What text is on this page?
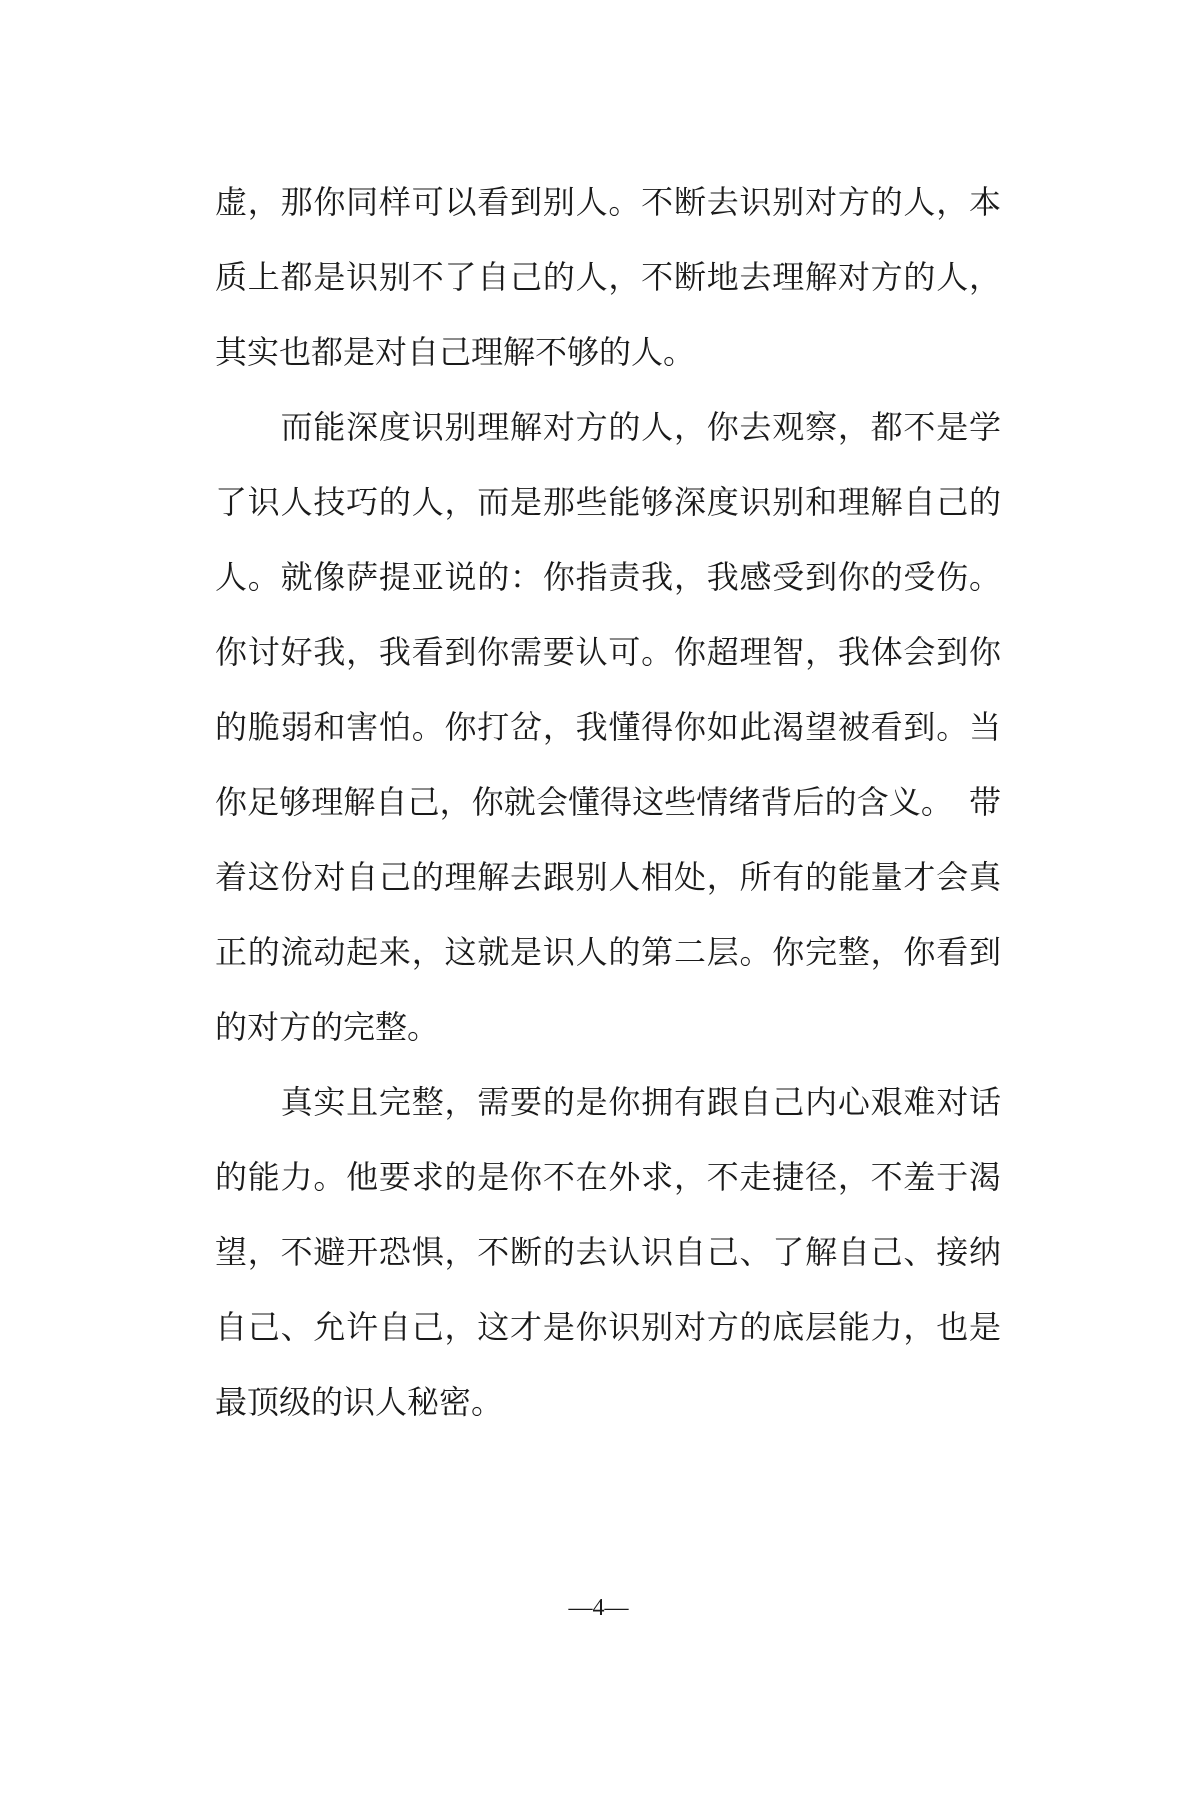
虚，那你同样可以看到别人。不断去识别对方的人，本
质上都是识别不了自己的人，不断地去理解对方的人，
其实也都是对自己理解不够的人。
　　而能深度识别理解对方的人，你去观察，都不是学
了识人技巧的人，而是那些能够深度识别和理解自己的
人。就像萨提亚说的：你指责我，我感受到你的受伤。
你讨好我，我看到你需要认可。你超理智，我体会到你
的脆弱和害怕。你打岔，我懂得你如此渴望被看到。当
你足够理解自己，你就会懂得这些情绪背后的含义。　带
着这份对自己的理解去跟别人相处，所有的能量才会真
正的流动起来，这就是识人的第二层。你完整，你看到
的对方的完整。
　　真实且完整，需要的是你拥有跟自己内心艰难对话
的能力。他要求的是你不在外求，不走捷径，不羞于渴
望，不避开恐惧，不断的去认识自己、了解自己、接纳
自己、允许自己，这才是你识别对方的底层能力，也是
最顶级的识人秘密。
—4—
